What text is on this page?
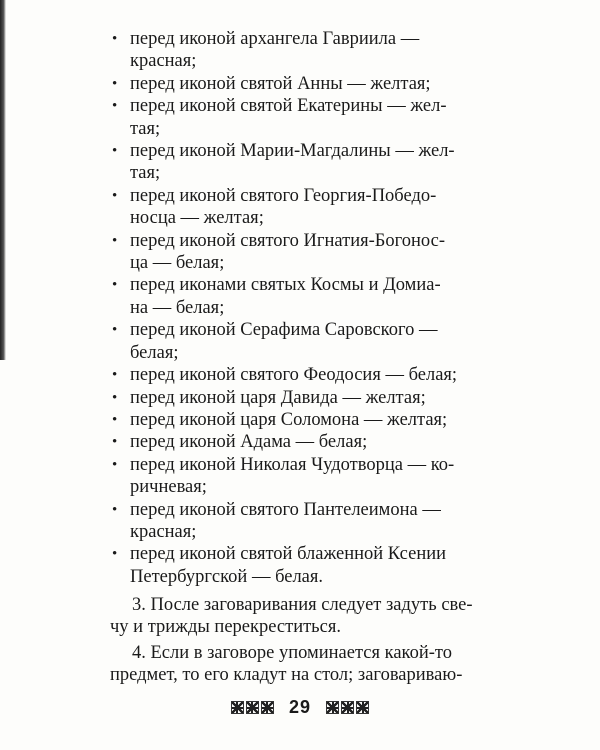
• перед иконой архангела Гавриила —
красная;
• перед иконой святой Анны — желтая;
• перед иконой святой Екатерины — жел-
тая;
• перед иконой Марии-Магдалины — жел-
тая;
• перед иконой святого Георгия-Победо-
носца — желтая;
• перед иконой святого Игнатия-Богонос-
ца — белая;
• перед иконами святых Космы и Домиа-
на — белая;
• перед иконой Серафима Саровского —
белая;
• перед иконой святого Феодосия — белая;
• перед иконой царя Давида — желтая;
• перед иконой царя Соломона — желтая;
• перед иконой Адама — белая;
• перед иконой Николая Чудотворца — ко-
ричневая;
• перед иконой святого Пантелеимона —
красная;
• перед иконой святой блаженной Ксении
Петербургской — белая.
3. После заговаривания следует задуть све-
чу и трижды перекреститься.
4. Если в заговоре упоминается какой-то
предмет, то его кладут на стол; заговариваю-
29
